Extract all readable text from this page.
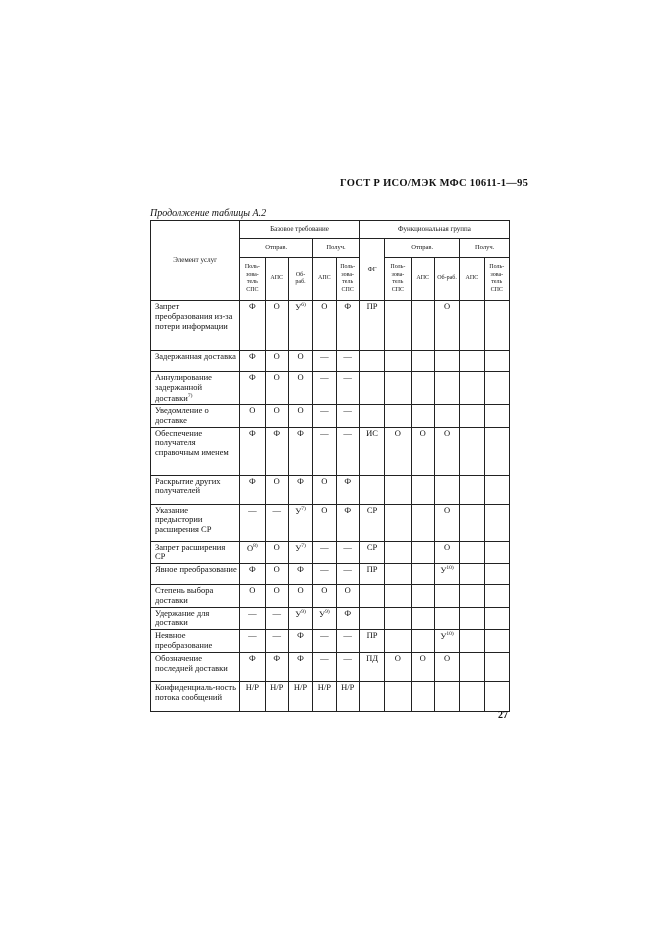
ГОСТ Р ИСО/МЭК МФС 10611-1—95
Продолжение таблицы А.2
Элемент услуг	Базовое требование					Функциональная группа					
	Отправ.			Получ.		ФГ	Отправ.			Получ.	
	Поль-зова-тель СПС	АПС	Об-раб.	АПС	Поль-зова-тель СПС		Поль-зова-тель СПС	АПС	Об-раб.	АПС	Поль-зова-тель СПС
Запрет преобразования из-за потери информации	Ф	О	$У^{6)}$	О	Ф	ПР			О		
Задержанная доставка	Ф	О	О	—	—						
Аннулирование задержанной доставки$^{7)}$	Ф	О	О	—	—						
Уведомление о доставке	О	О	О	—	—						
Обеспечение получателя справочным именем	Ф	Ф	Ф	—	—	ИС	О	О	О		
Раскрытие других получателей	Ф	О	Ф	О	Ф						
Указание предыстории расширения СР	—	—	$У^{7)}$	О	Ф	СР			О		
Запрет расширения СР	$О^{8)}$	О	$У^{7)}$	—	—	СР			О		
Явное преобразование	Ф	О	Ф	—	—	ПР			$У^{10)}$		
Степень выбора доставки	О	О	О	О	О						
Удержание для доставки	—	—	$У^{9)}$	$У^{9)}$	Ф						
Неявное преобразование	—	—	Ф	—	—	ПР			$У^{10)}$		
Обозначение последней доставки	Ф	Ф	Ф	—	—	ПД	О	О	О		
Конфиденциаль-ность потока сообщений	Н/Р	Н/Р	Н/Р	Н/Р	Н/Р						
27
